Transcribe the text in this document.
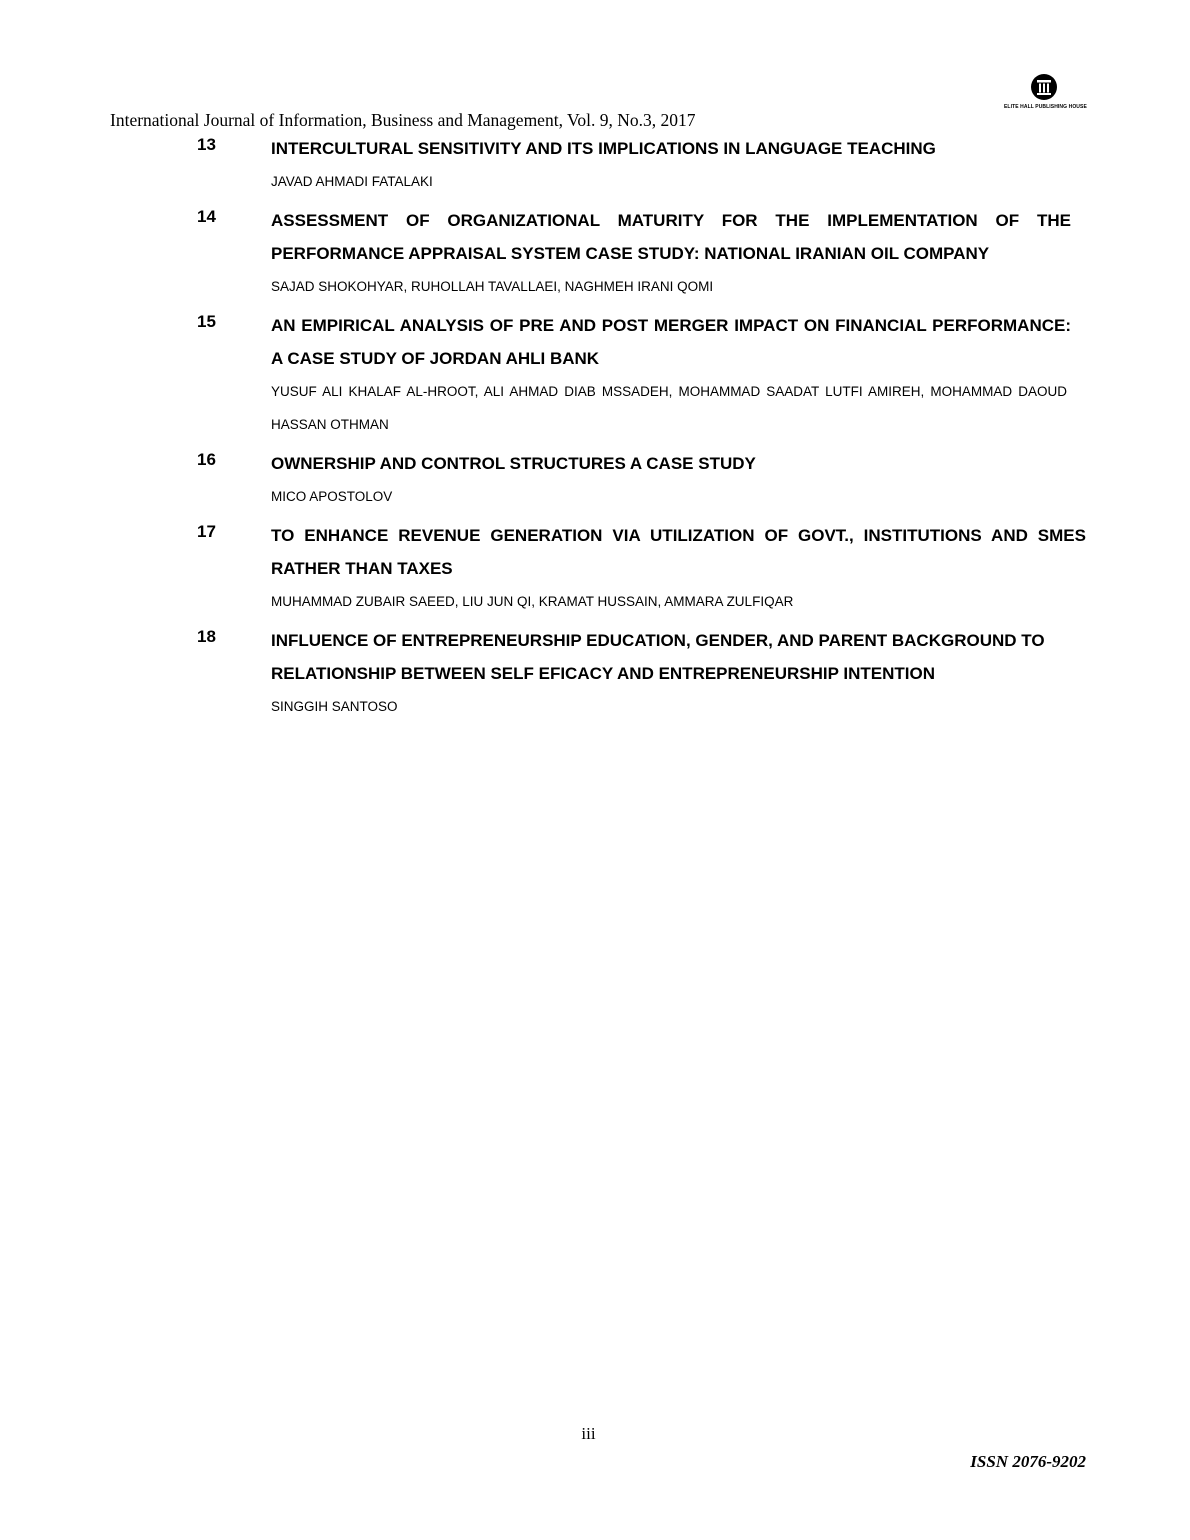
ELITE HALL PUBLISHING HOUSE
International Journal of Information, Business and Management, Vol. 9, No.3, 2017
13	INTERCULTURAL SENSITIVITY AND ITS IMPLICATIONS IN LANGUAGE TEACHING
JAVAD AHMADI FATALAKI
14	ASSESSMENT OF ORGANIZATIONAL MATURITY FOR THE IMPLEMENTATION OF THE PERFORMANCE APPRAISAL SYSTEM CASE STUDY: NATIONAL IRANIAN OIL COMPANY
SAJAD SHOKOHYAR, RUHOLLAH TAVALLAEI, NAGHMEH IRANI QOMI
15	AN EMPIRICAL ANALYSIS OF PRE AND POST MERGER IMPACT ON FINANCIAL PERFORMANCE: A CASE STUDY OF JORDAN AHLI BANK
YUSUF ALI KHALAF AL-HROOT, ALI AHMAD DIAB MSSADEH, MOHAMMAD SAADAT LUTFI AMIREH, MOHAMMAD DAOUD HASSAN OTHMAN
16	OWNERSHIP AND CONTROL STRUCTURES A CASE STUDY
MICO APOSTOLOV
17	TO ENHANCE REVENUE GENERATION VIA UTILIZATION OF GOVT., INSTITUTIONS AND SMES RATHER THAN TAXES
MUHAMMAD ZUBAIR SAEED, LIU JUN QI, KRAMAT HUSSAIN, AMMARA ZULFIQAR
18	INFLUENCE OF ENTREPRENEURSHIP EDUCATION, GENDER, AND PARENT BACKGROUND TO RELATIONSHIP BETWEEN SELF EFICACY AND ENTREPRENEURSHIP INTENTION
SINGGIH SANTOSO
iii
ISSN 2076-9202
